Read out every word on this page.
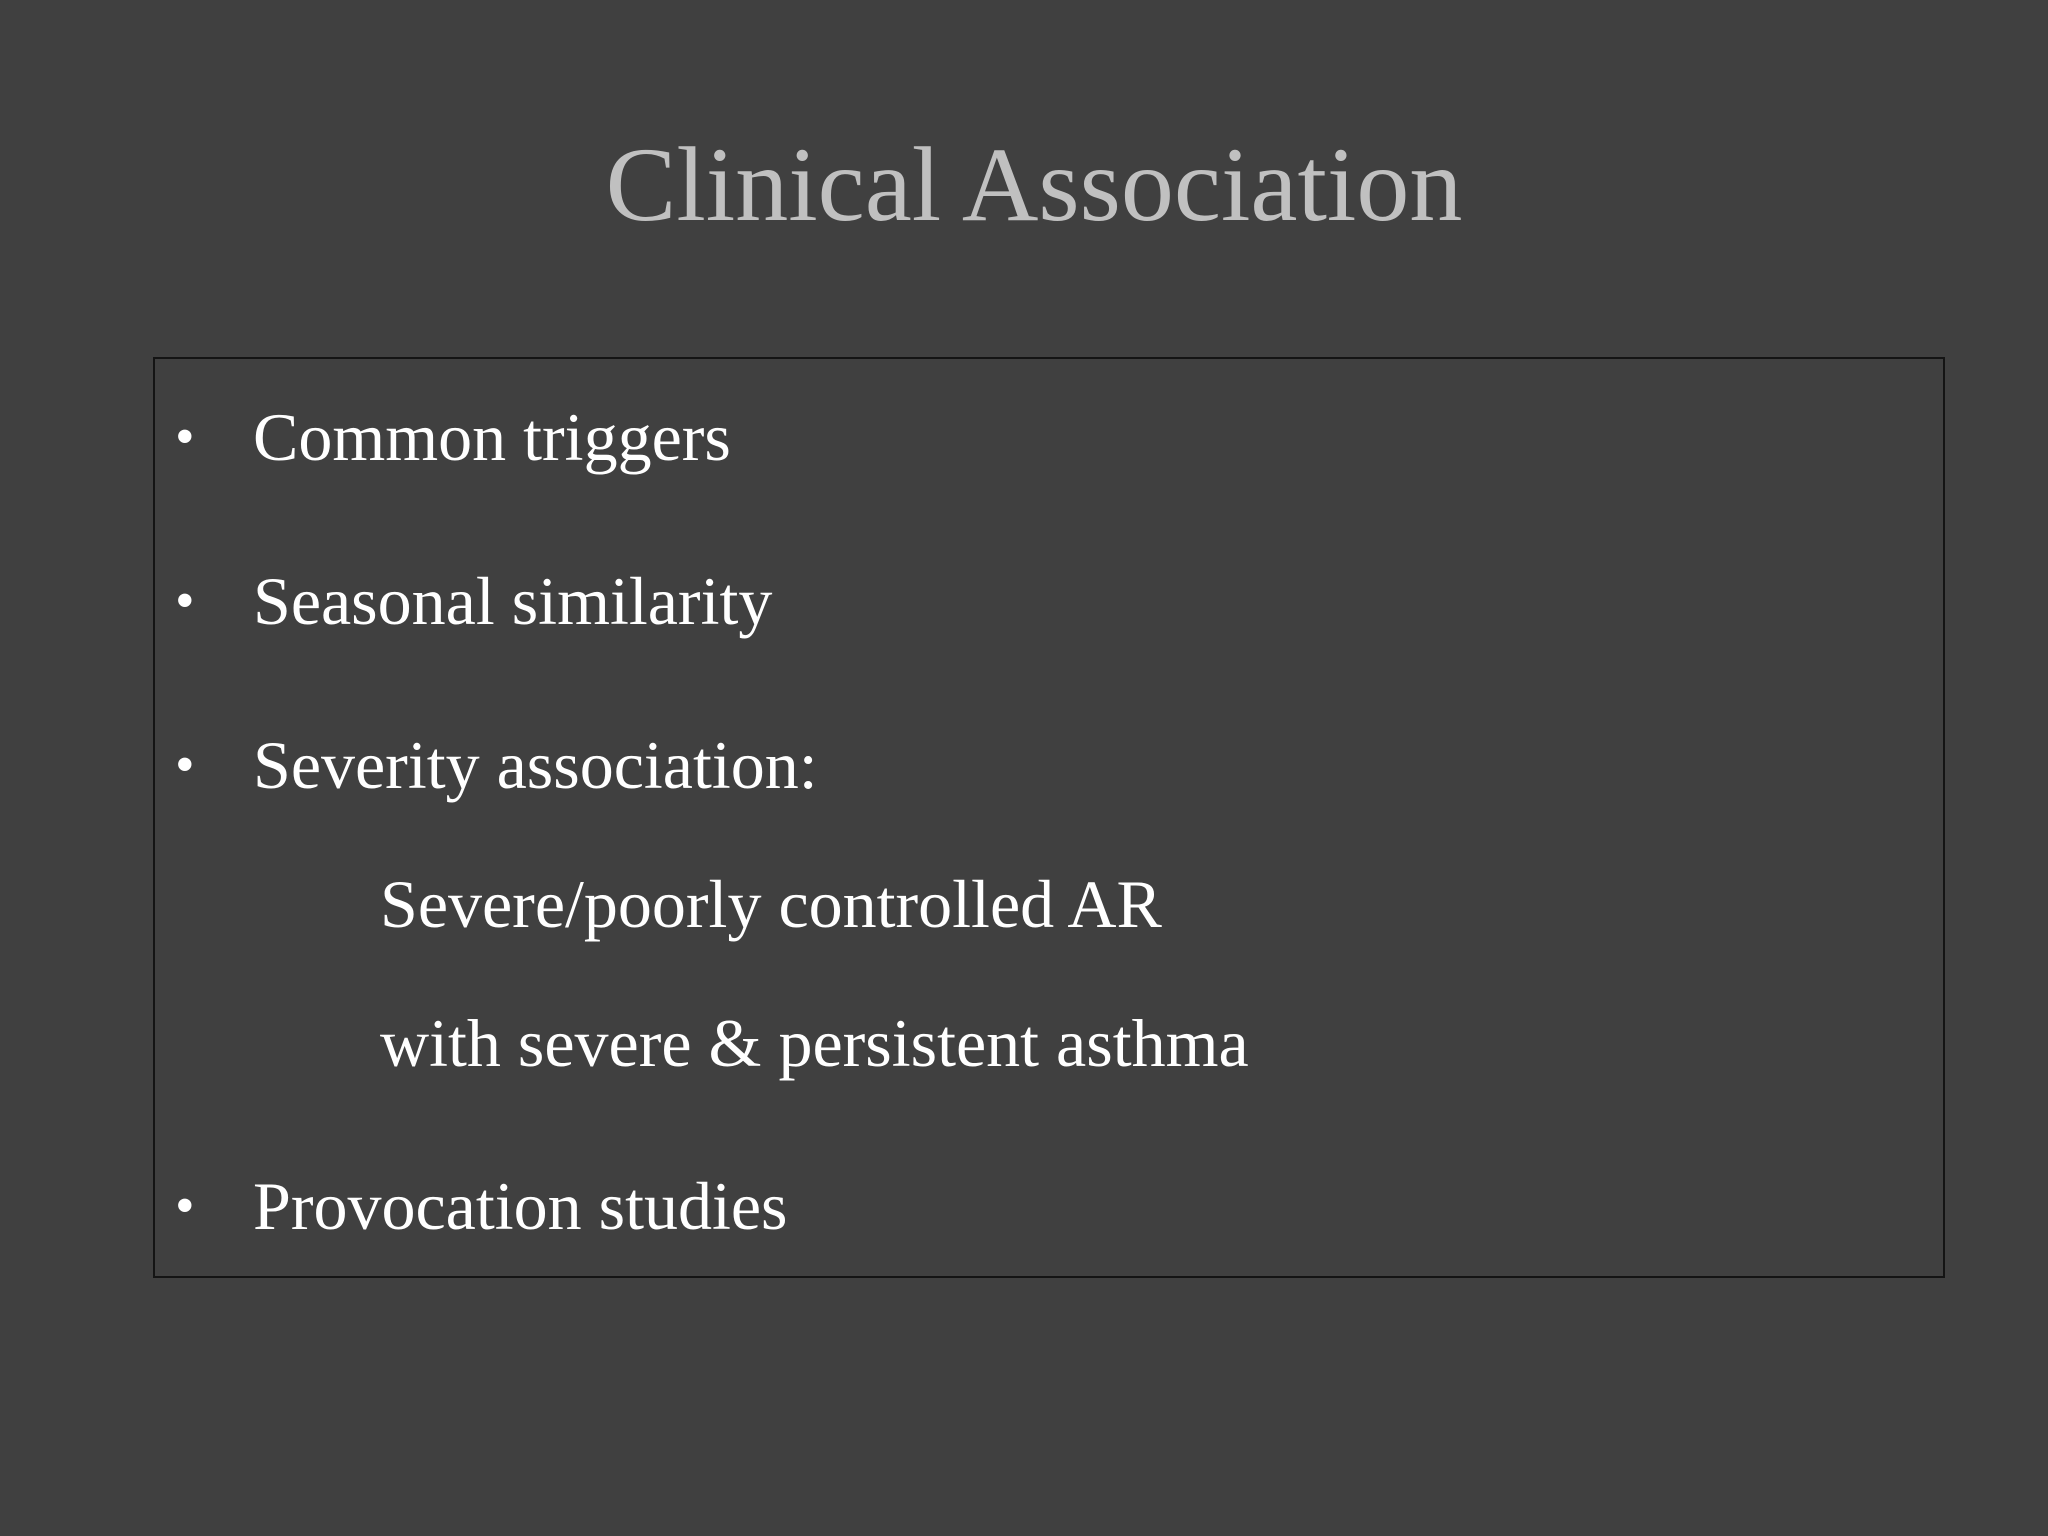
Clinical Association
• Common triggers
• Seasonal similarity
• Severity association:
Severe/poorly controlled AR
with severe & persistent asthma
• Provocation studies
